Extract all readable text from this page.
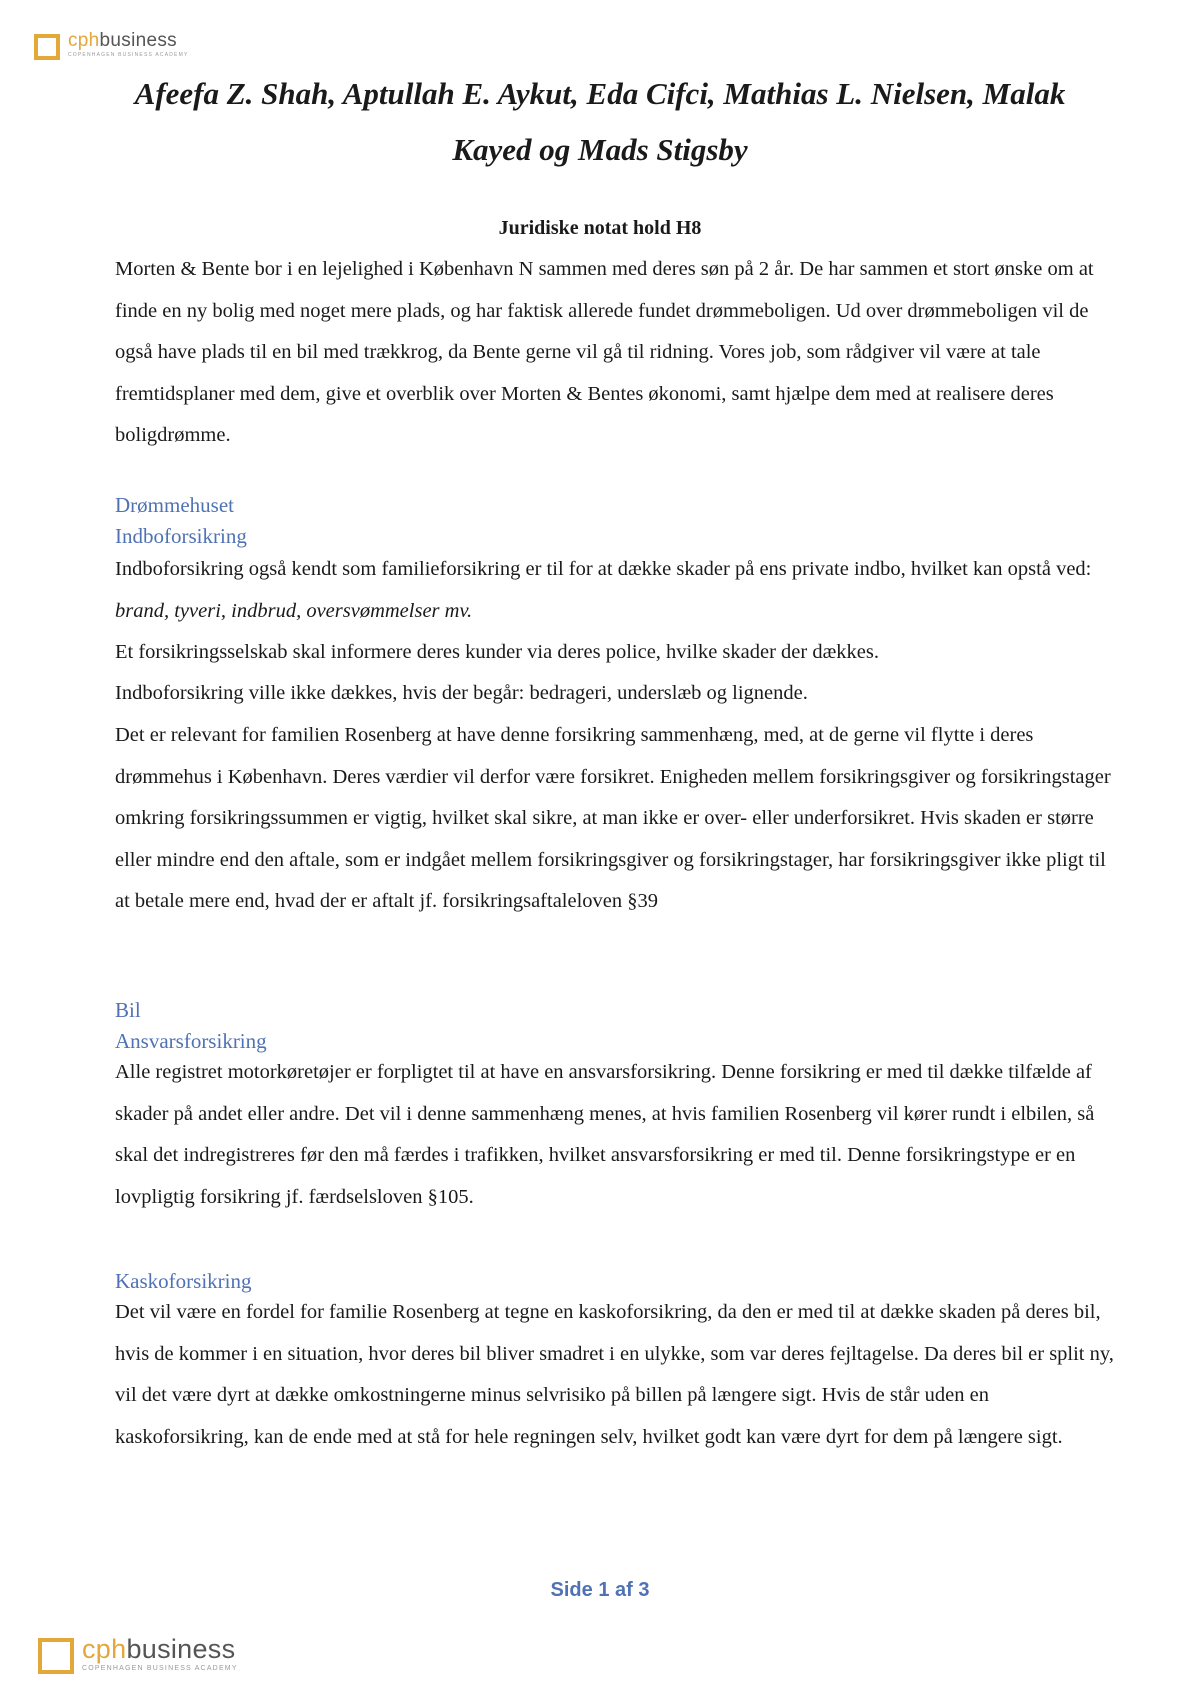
cphbusiness
COPENHAGEN BUSINESS ACADEMY
Afeefa Z. Shah, Aptullah E. Aykut, Eda Cifci, Mathias L. Nielsen, Malak Kayed og Mads Stigsby
Juridiske notat hold H8

Morten & Bente bor i en lejelighed i København N sammen med deres søn på 2 år. De har sammen et stort ønske om at finde en ny bolig med noget mere plads, og har faktisk allerede fundet drømmeboligen. Ud over drømmeboligen vil de også have plads til en bil med trækkrog, da Bente gerne vil gå til ridning. Vores job, som rådgiver vil være at tale fremtidsplaner med dem, give et overblik over Morten & Bentes økonomi, samt hjælpe dem med at realisere deres boligdrømme.

Drømmehuset
Indboforsikring

Indboforsikring også kendt som familieforsikring er til for at dække skader på ens private indbo, hvilket kan opstå ved: brand, tyveri, indbrud, oversvømmelser mv.

Et forsikringsselskab skal informere deres kunder via deres police, hvilke skader der dækkes.

Indboforsikring ville ikke dækkes, hvis der begår: bedrageri, underslæb og lignende.

Det er relevant for familien Rosenberg at have denne forsikring sammenhæng, med, at de gerne vil flytte i deres drømmehus i København. Deres værdier vil derfor være forsikret. Enigheden mellem forsikringsgiver og forsikringstager omkring forsikringssummen er vigtig, hvilket skal sikre, at man ikke er over- eller underforsikret. Hvis skaden er større eller mindre end den aftale, som er indgået mellem forsikringsgiver og forsikringstager, har forsikringsgiver ikke pligt til at betale mere end, hvad der er aftalt jf. forsikringsaftaleloven §39

Bil
Ansvarsforsikring

Alle registret motorkøretøjer er forpligtet til at have en ansvarsforsikring. Denne forsikring er med til dække tilfælde af skader på andet eller andre. Det vil i denne sammenhæng menes, at hvis familien Rosenberg vil kører rundt i elbilen, så skal det indregistreres før den må færdes i trafikken, hvilket ansvarsforsikring er med til. Denne forsikringstype er en lovpligtig forsikring jf. færdselsloven §105.

Kaskoforsikring

Det vil være en fordel for familie Rosenberg at tegne en kaskoforsikring, da den er med til at dække skaden på deres bil, hvis de kommer i en situation, hvor deres bil bliver smadret i en ulykke, som var deres fejltagelse. Da deres bil er split ny, vil det være dyrt at dække omkostningerne minus selvrisiko på billen på længere sigt. Hvis de står uden en kaskoforsikring, kan de ende med at stå for hele regningen selv, hvilket godt kan være dyrt for dem på længere sigt.

Side 1 af 3
cphbusiness
COPENHAGEN BUSINESS ACADEMY
